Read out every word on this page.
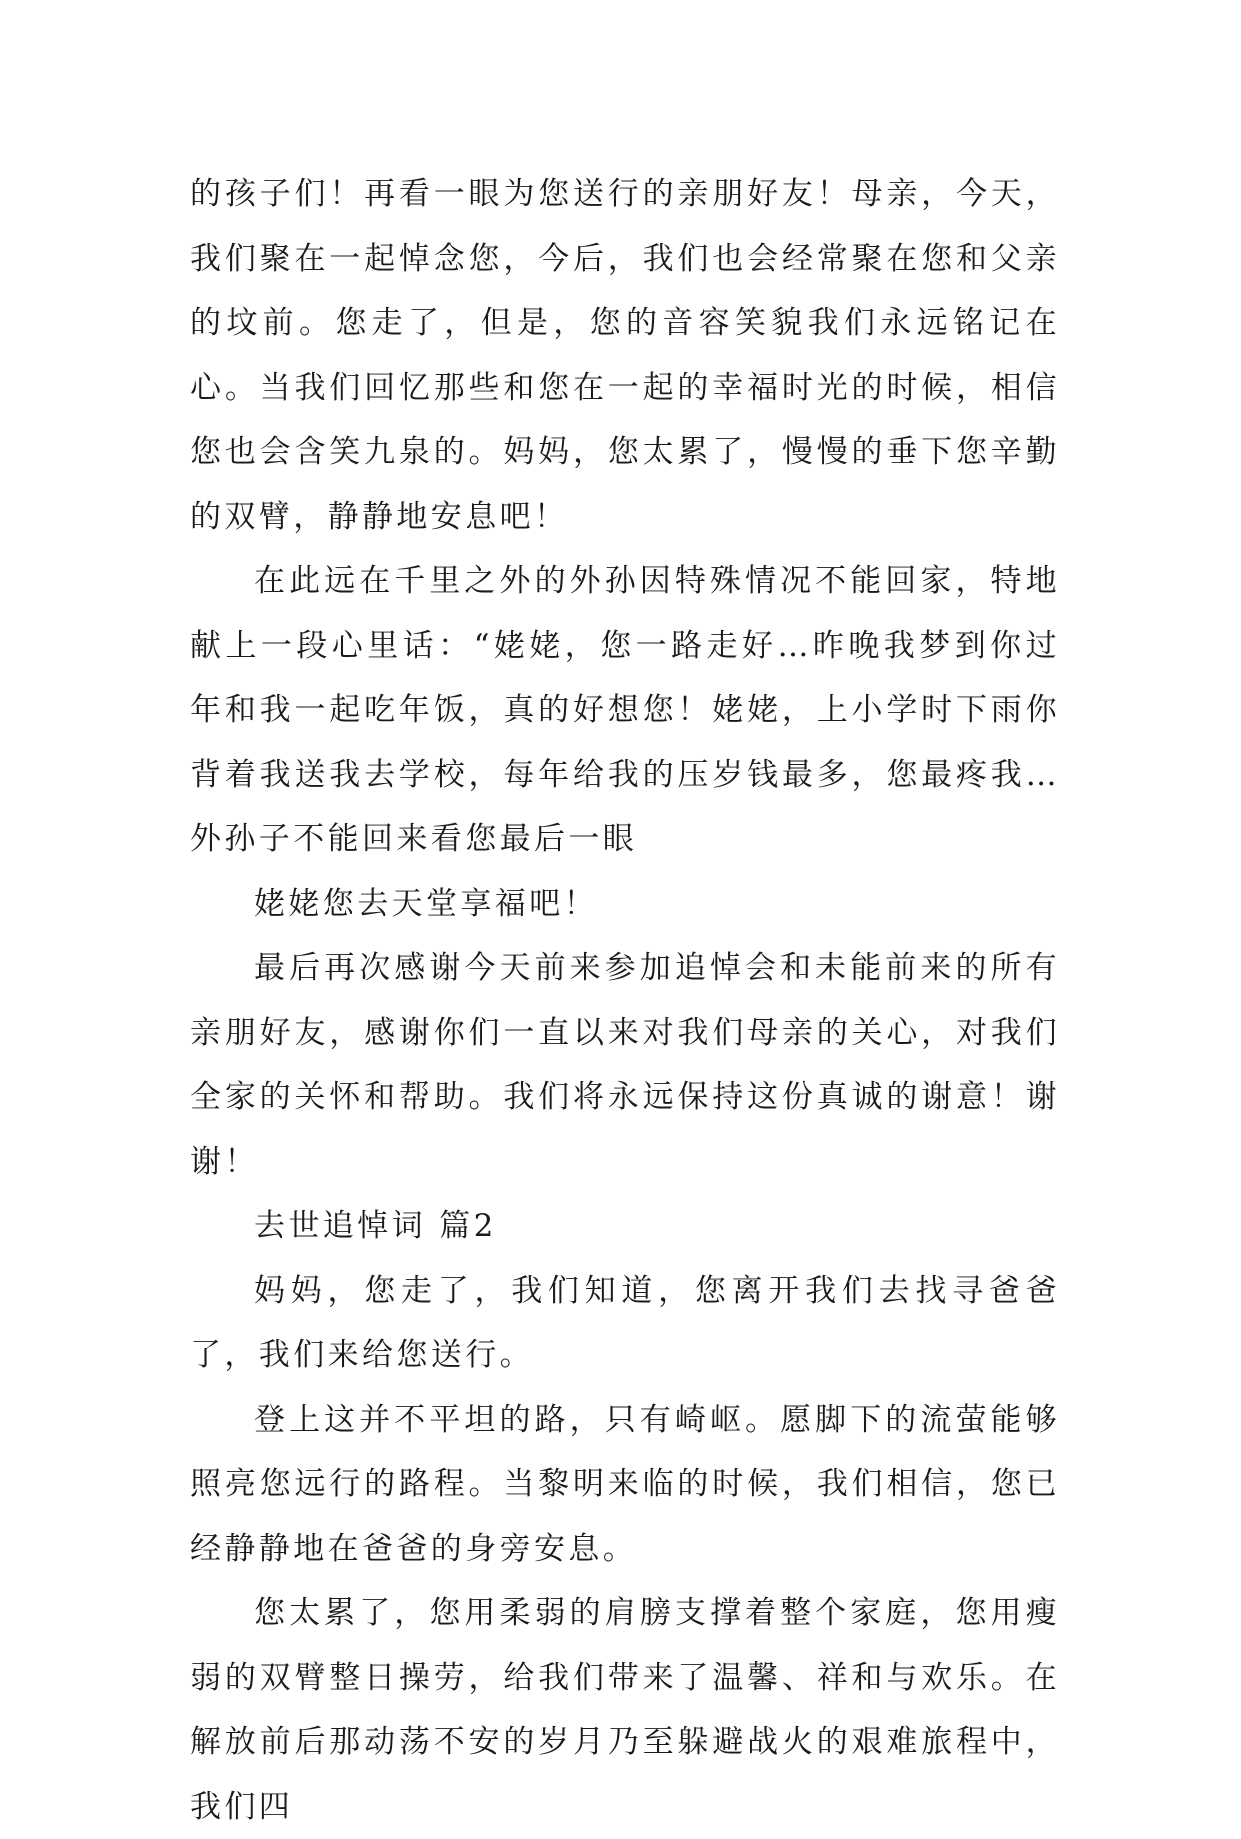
的孩子们！再看一眼为您送行的亲朋好友！母亲，今天，我们聚在一起悼念您，今后，我们也会经常聚在您和父亲的坟前。您走了，但是，您的音容笑貌我们永远铭记在心。当我们回忆那些和您在一起的幸福时光的时候，相信您也会含笑九泉的。妈妈，您太累了，慢慢的垂下您辛勤的双臂，静静地安息吧！

在此远在千里之外的外孙因特殊情况不能回家，特地献上一段心里话：“姥姥，您一路走好…昨晚我梦到你过年和我一起吃年饭，真的好想您！姥姥，上小学时下雨你背着我送我去学校，每年给我的压岁钱最多，您最疼我…外孙子不能回来看您最后一眼

姥姥您去天堂享福吧！

最后再次感谢今天前来参加追悼会和未能前来的所有亲朋好友，感谢你们一直以来对我们母亲的关心，对我们全家的关怀和帮助。我们将永远保持这份真诚的谢意！谢谢！

去世追悼词 篇2

妈妈，您走了，我们知道，您离开我们去找寻爸爸了，我们来给您送行。

登上这并不平坦的路，只有崎岖。愿脚下的流萤能够照亮您远行的路程。当黎明来临的时候，我们相信，您已经静静地在爸爸的身旁安息。

您太累了，您用柔弱的肩膀支撑着整个家庭，您用瘦弱的双臂整日操劳，给我们带来了温馨、祥和与欢乐。在解放前后那动荡不安的岁月乃至躲避战火的艰难旅程中，我们四
